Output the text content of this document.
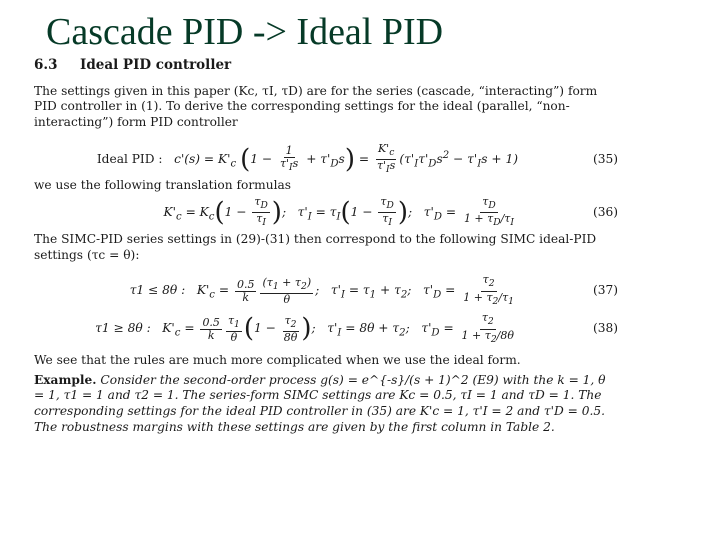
Cascade PID -> Ideal PID
6.3 Ideal PID controller

The settings given in this paper (Kc, τI, τD) are for the series (cascade, “interacting”) form PID controller in (1). To derive the corresponding settings for the ideal (parallel, “non-interacting”) form PID controller

Ideal PID :   $c'(s) = K'_c$ $(1 - \frac{1}{\tau'_Is} + \tau'_Ds) = \frac{K'_c}{\tau'_Is} (\tau'_I\tau'_Ds^2 - \tau'_Is + 1)$	(35)

we use the following translation formulas

$K'_c = K_c(1 - \frac{\tau_D}{\tau_I}$ );   $\tau'_I = \tau_I(1 - \frac{\tau_D}{\tau_I}$ );   $\tau'_D = \frac{\tau_D}{1 + \tau_D/\tau_I}$	(36)

The SIMC-PID series settings in (29)-(31) then correspond to the following SIMC ideal-PID settings (τc = θ):

τ1 ≤ 8θ :   $K'_c = \frac{0.5}{k} \frac{(\tau_1 + \tau_2)}{\theta}$ ;   $\tau'_I = \tau_1 + \tau_2$;   $\tau'_D = \frac{\tau_2}{1 + \tau_2/\tau_1}$	(37)
τ1 ≥ 8θ :   $K'_c = \frac{0.5}{k} \frac{\tau_1}{\theta} (1 - \frac{\tau_2}{8\theta}$ );   $\tau'_I = 8\theta + \tau_2$;   $\tau'_D = \frac{\tau_2}{1 + \tau_2/8\theta}$	(38)

We see that the rules are much more complicated when we use the ideal form.

Example. Consider the second-order process g(s) = e^{-s}/(s + 1)^2 (E9) with the k = 1, θ = 1, τ1 = 1 and τ2 = 1. The series-form SIMC settings are Kc = 0.5, τI = 1 and τD = 1. The corresponding settings for the ideal PID controller in (35) are K'c = 1, τ'I = 2 and τ'D = 0.5. The robustness margins with these settings are given by the first column in Table 2.
